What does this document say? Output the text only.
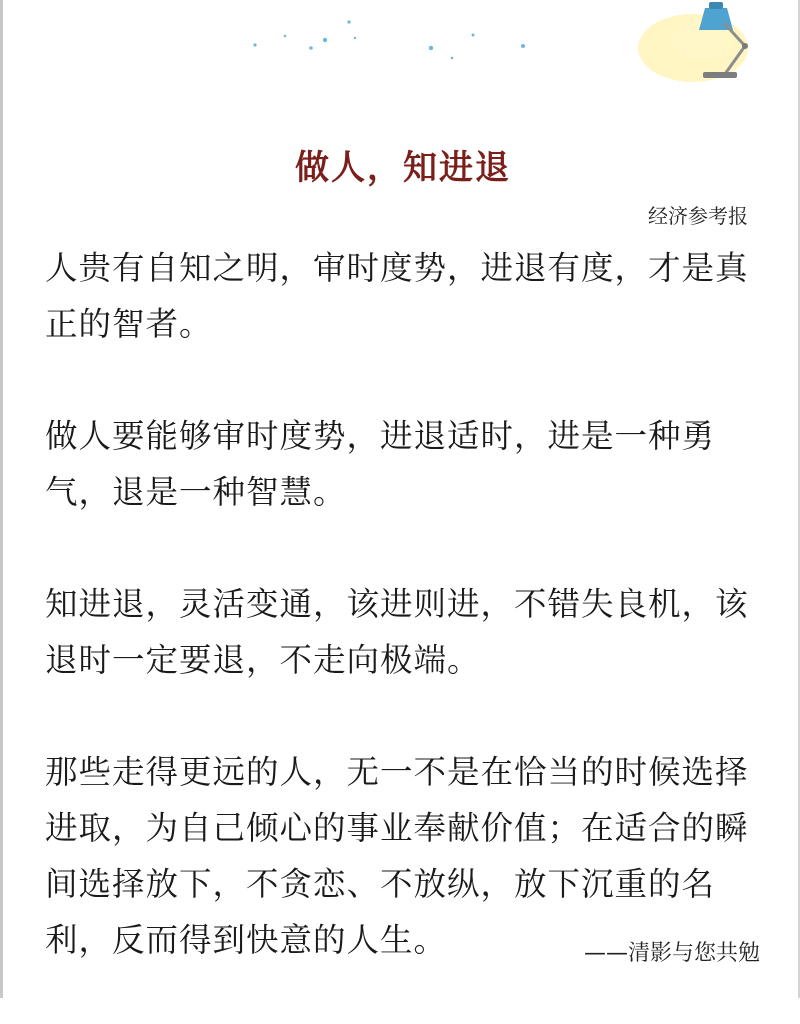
做人，知进退
经济参考报

人贵有自知之明，审时度势，进退有度，才是真正的智者。

做人要能够审时度势，进退适时，进是一种勇气，退是一种智慧。

知进退，灵活变通，该进则进，不错失良机，该退时一定要退，不走向极端。

那些走得更远的人，无一不是在恰当的时候选择进取，为自己倾心的事业奉献价值；在适合的瞬间选择放下，不贪恋、不放纵，放下沉重的名利，反而得到快意的人生。	——清影与您共勉
